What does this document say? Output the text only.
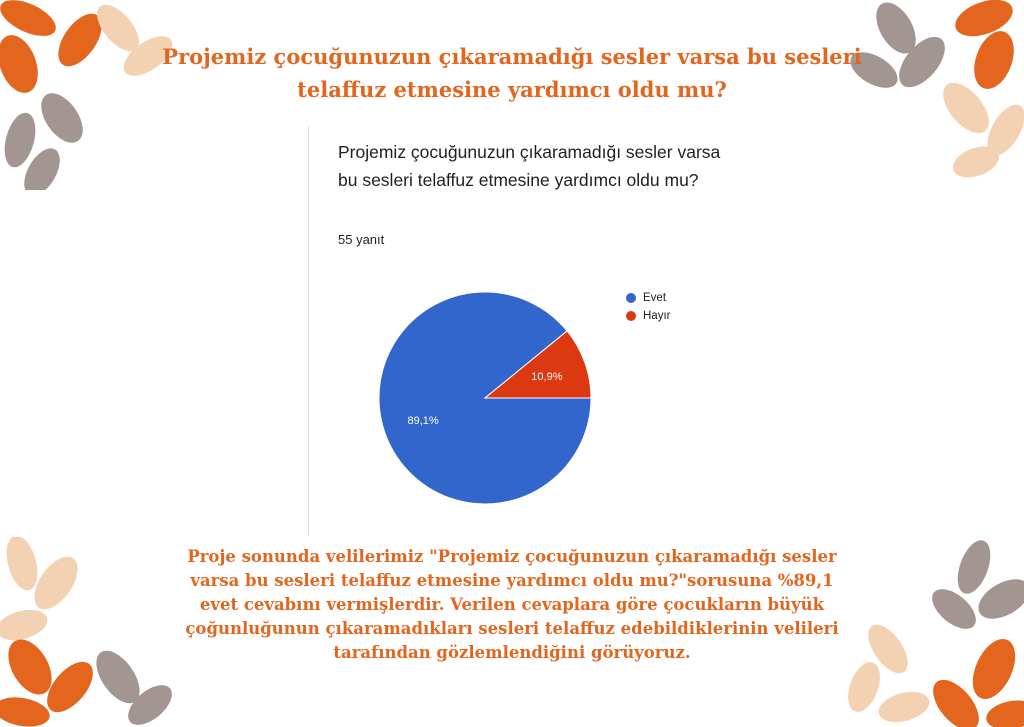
Projemiz çocuğunuzun çıkaramadığı sesler varsa bu sesleri telaffuz etmesine yardımcı oldu mu?
Projemiz çocuğunuzun çıkaramadığı sesler varsa bu sesleri telaffuz etmesine yardımcı oldu mu?
55 yanıt
89,1%
10,9%
Evet
Hayır

Proje sonunda velilerimiz "Projemiz çocuğunuzun çıkaramadığı sesler varsa bu sesleri telaffuz etmesine yardımcı oldu mu?"sorusuna %89,1 evet cevabını vermişlerdir. Verilen cevaplara göre çocukların büyük çoğunluğunun çıkaramadıkları sesleri telaffuz edebildiklerinin velileri tarafından gözlemlendiğini görüyoruz.
